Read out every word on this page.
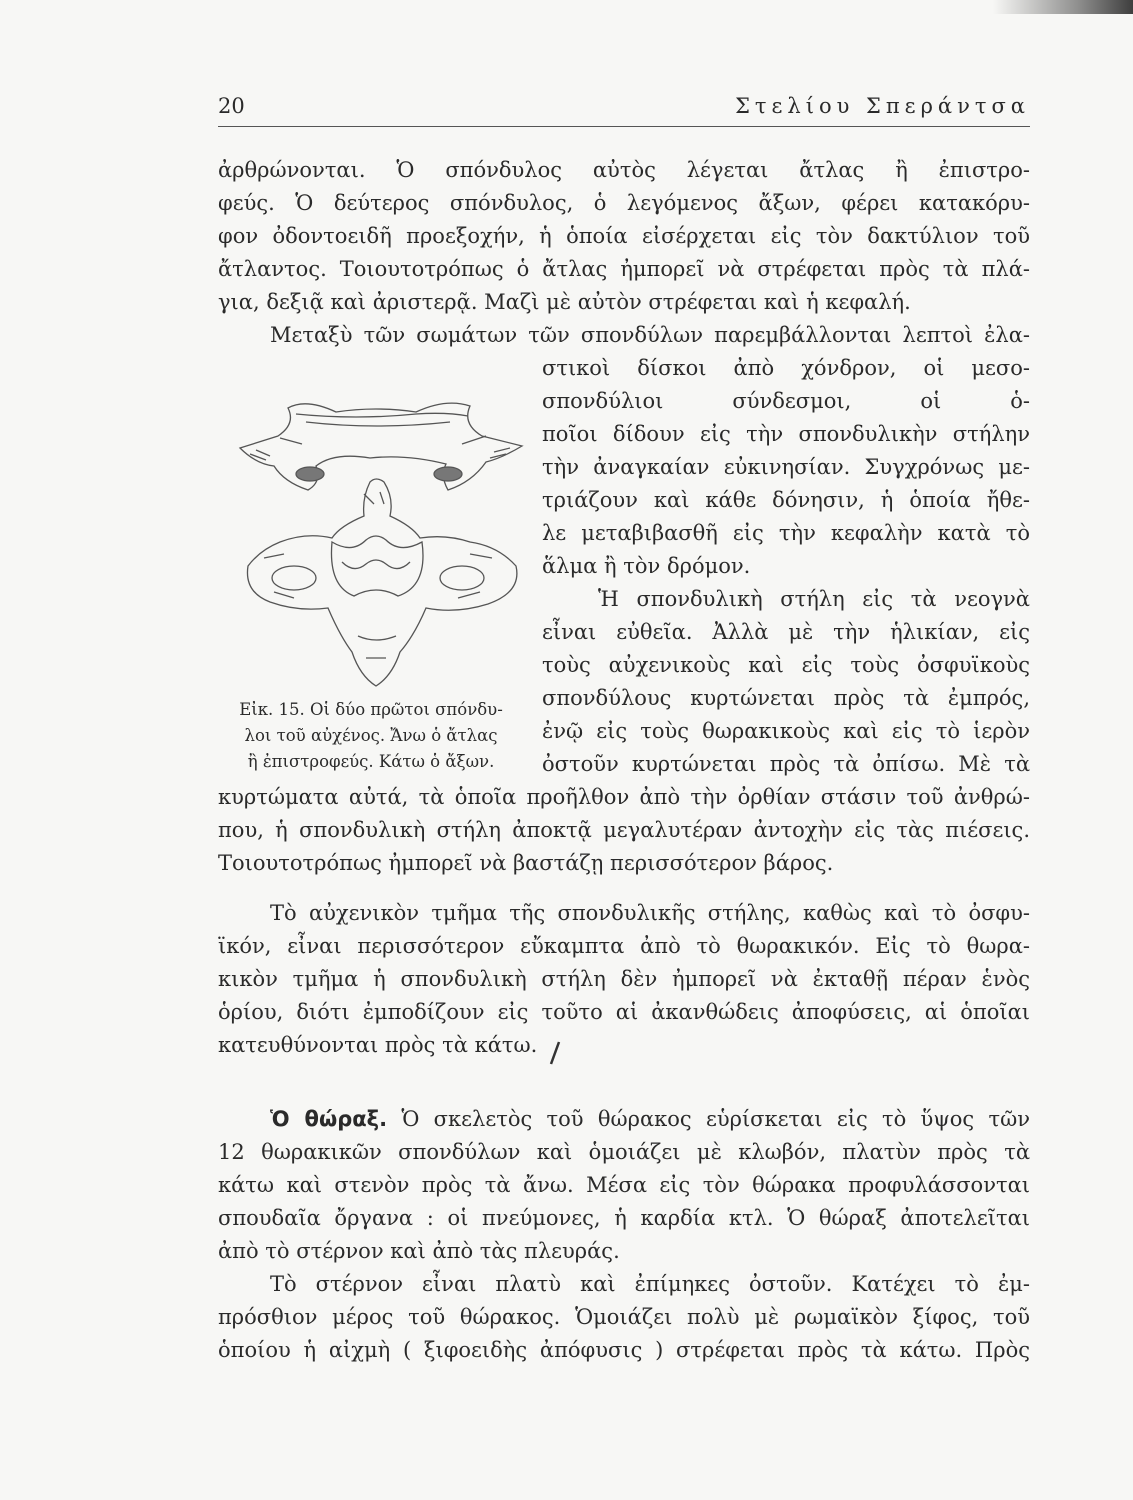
20	Στελίου Σπεράντσα
ἀρθρώνονται. Ὁ σπόνδυλος αὐτὸς λέγεται ἄτλας ἢ ἐπιστρο-
φεύς. Ὁ δεύτερος σπόνδυλος, ὁ λεγόμενος ἄξων, φέρει κατακόρυ-
φον ὀδοντοειδῆ προεξοχήν, ἡ ὁποία εἰσέρχεται εἰς τὸν δακτύλιον τοῦ
ἄτλαντος. Τοιουτοτρόπως ὁ ἄτλας ἠμπορεῖ νὰ στρέφεται πρὸς τὰ πλά-
για, δεξιᾷ καὶ ἀριστερᾷ. Μαζὶ μὲ αὐτὸν στρέφεται καὶ ἡ κεφαλή.
Μεταξὺ τῶν σωμάτων τῶν σπονδύλων παρεμβάλλονται λεπτοὶ ἐλα-
στικοὶ δίσκοι ἀπὸ χόνδρον, οἱ μεσο-
σπονδύλιοι σύνδεσμοι, οἱ ὁ-
ποῖοι δίδουν εἰς τὴν σπονδυλικὴν στήλην
τὴν ἀναγκαίαν εὐκινησίαν. Συγχρόνως με-
τριάζουν καὶ κάθε δόνησιν, ἡ ὁποία ἤθε-
λε μεταβιβασθῆ εἰς τὴν κεφαλὴν κατὰ τὸ
ἅλμα ἢ τὸν δρόμον.
Ἡ σπονδυλικὴ στήλη εἰς τὰ νεογνὰ
εἶναι εὐθεῖα. Ἀλλὰ μὲ τὴν ἡλικίαν, εἰς
τοὺς αὐχενικοὺς καὶ εἰς τοὺς ὀσφυϊκοὺς
σπονδύλους κυρτώνεται πρὸς τὰ ἐμπρός,
ἐνῷ εἰς τοὺς θωρακικοὺς καὶ εἰς τὸ ἱερὸν
ὀστοῦν κυρτώνεται πρὸς τὰ ὀπίσω. Μὲ τὰ
κυρτώματα αὐτά, τὰ ὁποῖα προῆλθον ἀπὸ τὴν ὀρθίαν στάσιν τοῦ ἀνθρώ-
που, ἡ σπονδυλικὴ στήλη ἀποκτᾷ μεγαλυτέραν ἀντοχὴν εἰς τὰς πιέσεις.
Τοιουτοτρόπως ἠμπορεῖ νὰ βαστάζῃ περισσότερον βάρος.
Εἰκ. 15. Οἱ δύο πρῶτοι σπόνδυ-
λοι τοῦ αὐχένος. Ἄνω ὁ ἄτλας
ἢ ἐπιστροφεύς. Κάτω ὁ ἄξων.
Τὸ αὐχενικὸν τμῆμα τῆς σπονδυλικῆς στήλης, καθὼς καὶ τὸ ὀσφυ-
ϊκόν, εἶναι περισσότερον εὔκαμπτα ἀπὸ τὸ θωρακικόν. Εἰς τὸ θωρα-
κικὸν τμῆμα ἡ σπονδυλικὴ στήλη δὲν ἠμπορεῖ νὰ ἐκταθῇ πέραν ἑνὸς
ὁρίου, διότι ἐμποδίζουν εἰς τοῦτο αἱ ἀκανθώδεις ἀποφύσεις, αἱ ὁποῖαι
κατευθύνονται πρὸς τὰ κάτω.
Ὁ θώραξ. Ὁ σκελετὸς τοῦ θώρακος εὑρίσκεται εἰς τὸ ὕψος τῶν
12 θωρακικῶν σπονδύλων καὶ ὁμοιάζει μὲ κλωβόν, πλατὺν πρὸς τὰ
κάτω καὶ στενὸν πρὸς τὰ ἄνω. Μέσα εἰς τὸν θώρακα προφυλάσσονται
σπουδαῖα ὄργανα : οἱ πνεύμονες, ἡ καρδία κτλ. Ὁ θώραξ ἀποτελεῖται
ἀπὸ τὸ στέρνον καὶ ἀπὸ τὰς πλευράς.
Τὸ στέρνον εἶναι πλατὺ καὶ ἐπίμηκες ὀστοῦν. Κατέχει τὸ ἐμ-
πρόσθιον μέρος τοῦ θώρακος. Ὁμοιάζει πολὺ μὲ ρωμαϊκὸν ξίφος, τοῦ
ὁποίου ἡ αἰχμὴ ( ξιφοειδὴς ἀπόφυσις ) στρέφεται πρὸς τὰ κάτω. Πρὸς
